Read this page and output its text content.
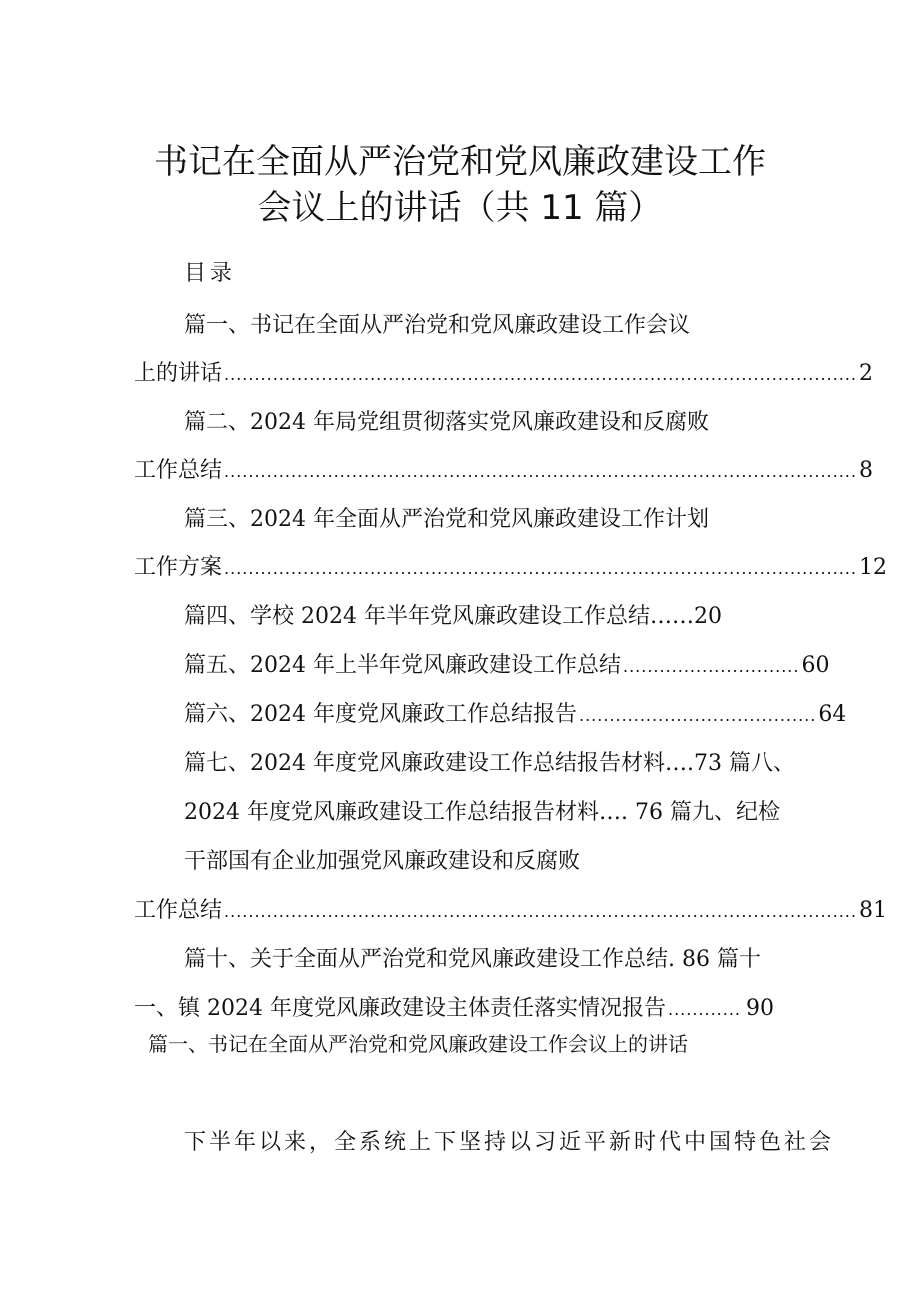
书记在全面从严治党和党风廉政建设工作
会议上的讲话（共 11 篇）
目录
篇一、书记在全面从严治党和党风廉政建设工作会议
上的讲话 ........................................................................................................ 2
篇二、2024 年局党组贯彻落实党风廉政建设和反腐败
工作总结 ........................................................................................................ 8
篇三、2024 年全面从严治党和党风廉政建设工作计划
工作方案 ........................................................................................................ 12
篇四、学校 2024 年半年党风廉政建设工作总结……20
篇五、2024 年上半年党风廉政建设工作总结 ............................. 60
篇六、2024 年度党风廉政工作总结报告 ....................................... 64
篇七、2024 年度党风廉政建设工作总结报告材料….73 篇八、
2024 年度党风廉政建设工作总结报告材料…. 76 篇九、纪检
干部国有企业加强党风廉政建设和反腐败
工作总结 ........................................................................................................ 81
篇十、关于全面从严治党和党风廉政建设工作总结. 86 篇十
一、镇 2024 年度党风廉政建设主体责任落实情况报告 ............ 90
篇一、书记在全面从严治党和党风廉政建设工作会议上的讲话
下半年以来，全系统上下坚持以习近平新时代中国特色社会
